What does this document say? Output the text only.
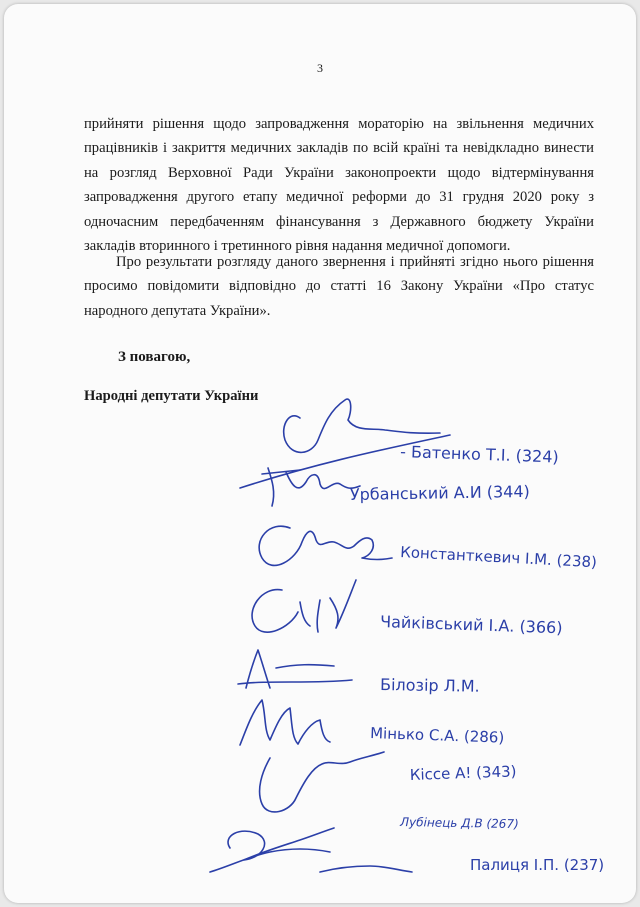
3
прийняти рішення щодо запровадження мораторію на звільнення медичних працівників і закриття медичних закладів по всій країні та невідкладно винести на розгляд Верховної Ради України законопроекти щодо відтермінування запровадження другого етапу медичної реформи до 31 грудня 2020 року з одночасним передбаченням фінансування з Державного бюджету України закладів вторинного і третинного рівня надання медичної допомоги.
Про результати розгляду даного звернення і прийняті згідно нього рішення просимо повідомити відповідно до статті 16 Закону України «Про статус народного депутата України».
З повагою,
Народні депутати України
- Батенко Т.І. (324)
Урбанський А.И (344)
Константкевич І.М. (238)
Чайківський І.А. (366)
Білозір Л.М.
Мінько С.А. (286)
Кіссе А! (343)
Лубінець Д.В (267)
Палиця І.П. (237)
